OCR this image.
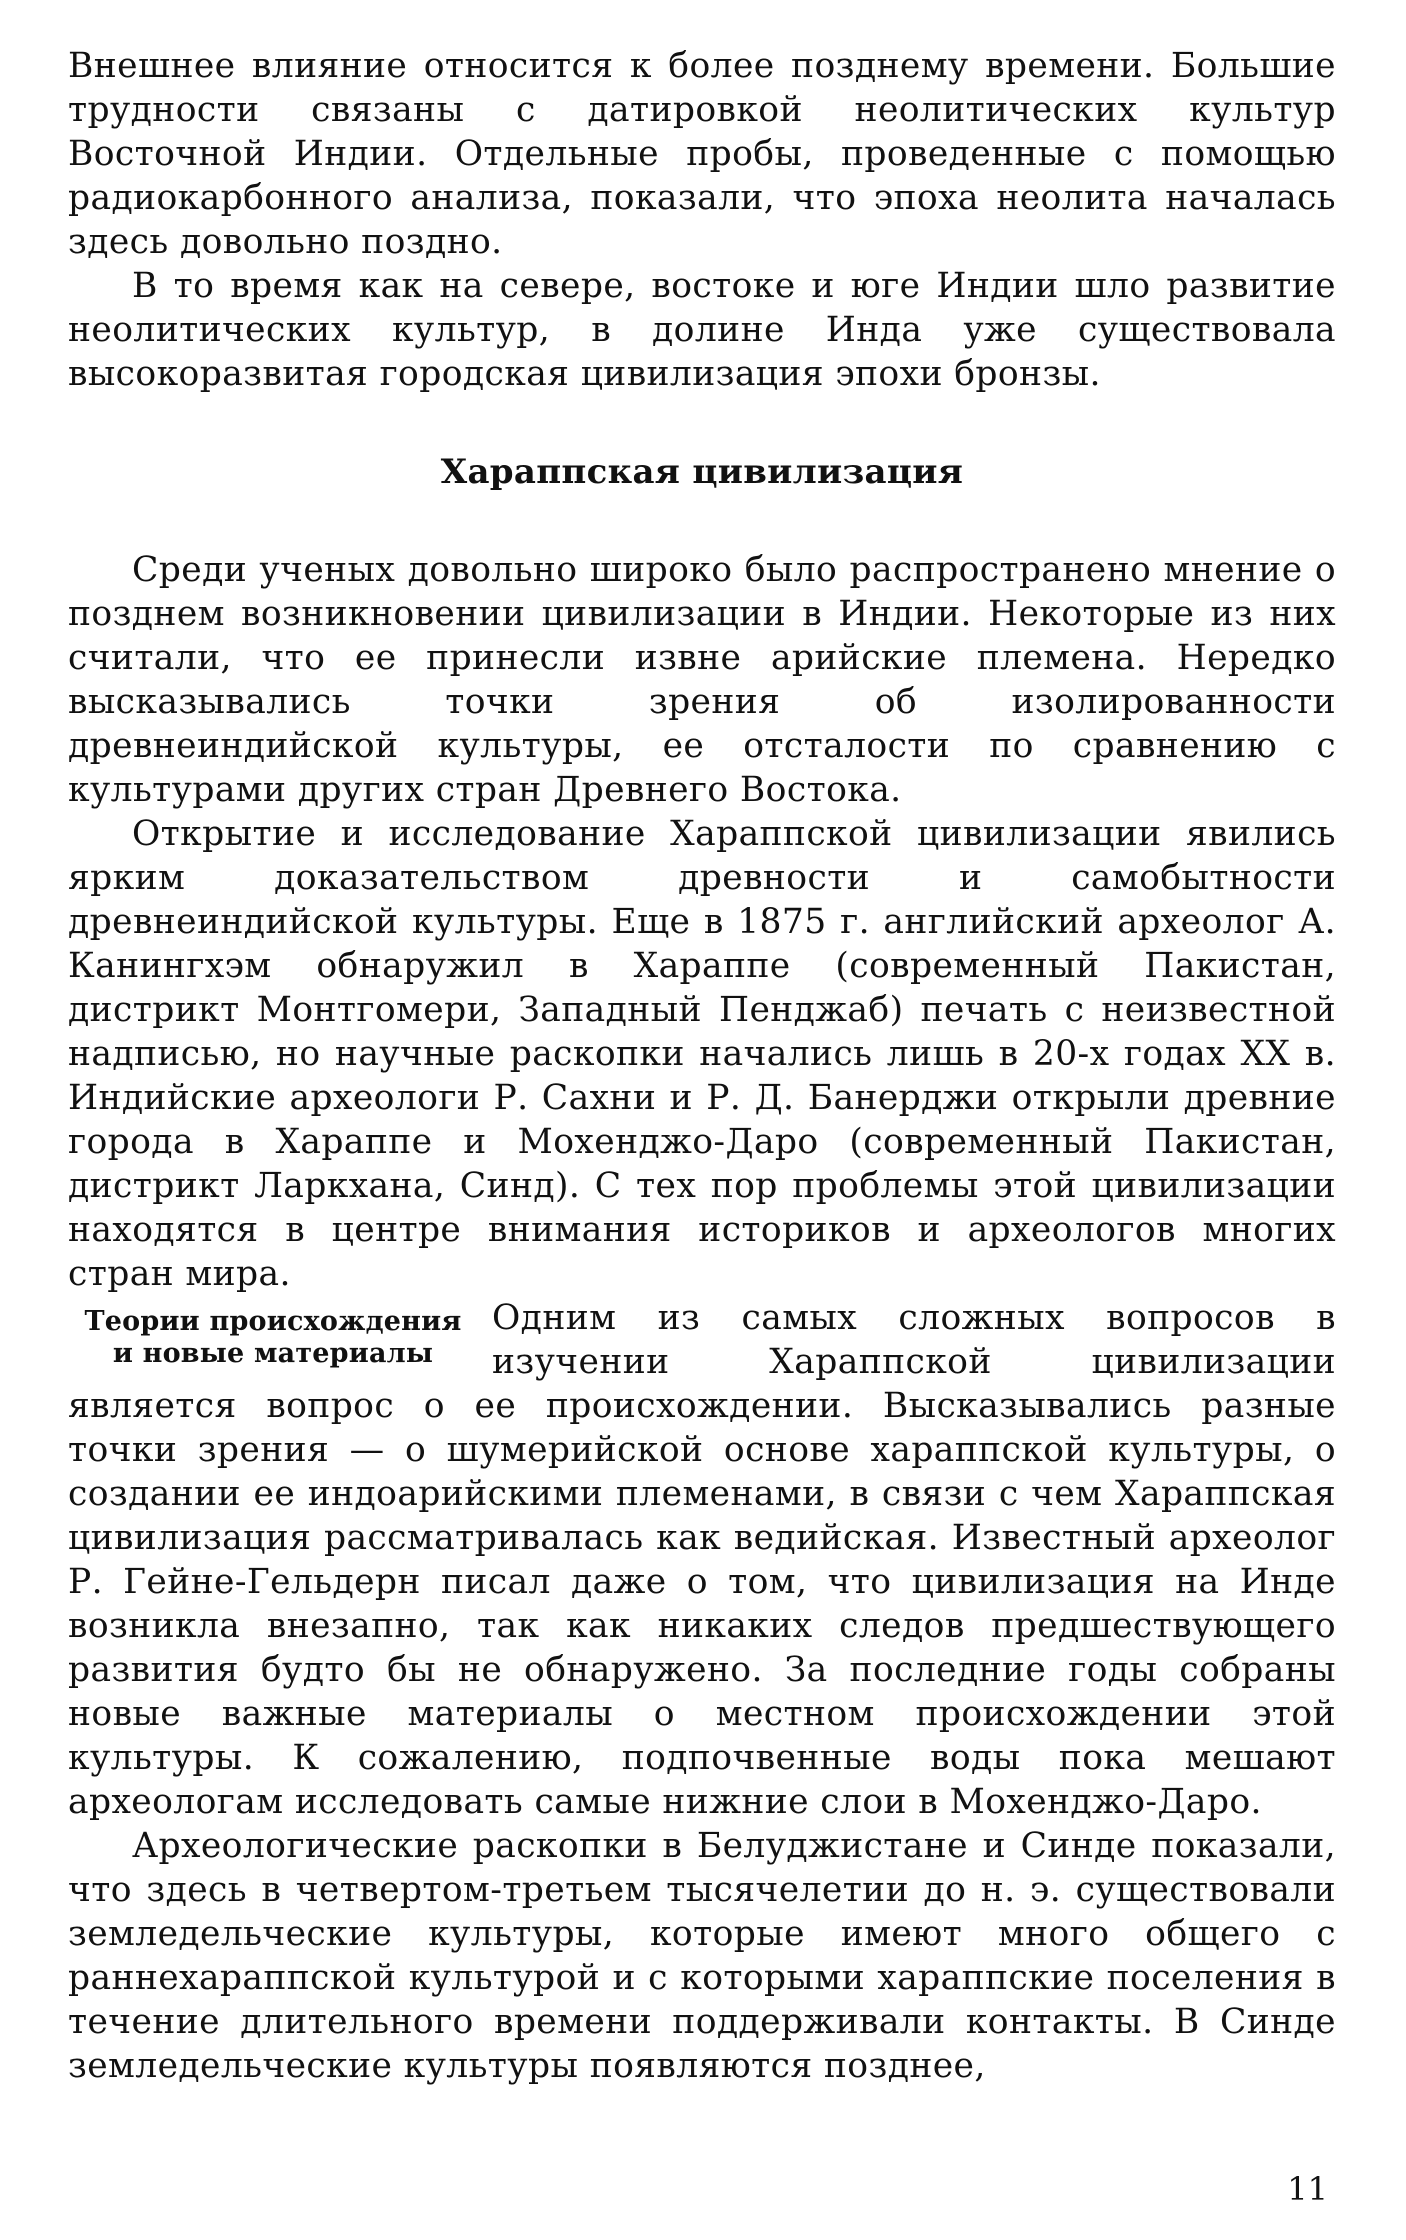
Внешнее влияние относится к более позднему времени. Большие трудности связаны с датировкой неолитических культур Восточной Индии. Отдельные пробы, проведенные с помощью радиокарбонного анализа, показали, что эпоха неолита началась здесь довольно поздно.

В то время как на севере, востоке и юге Индии шло развитие неолитических культур, в долине Инда уже существовала высокоразвитая городская цивилизация эпохи бронзы.

Хараппская цивилизация

Среди ученых довольно широко было распространено мнение о позднем возникновении цивилизации в Индии. Некоторые из них считали, что ее принесли извне арийские племена. Нередко высказывались точки зрения об изолированности древнеиндийской культуры, ее отсталости по сравнению с культурами других стран Древнего Востока.

Открытие и исследование Хараппской цивилизации явились ярким доказательством древности и самобытности древнеиндийской культуры. Еще в 1875 г. английский археолог А. Канингхэм обнаружил в Хараппе (современный Пакистан, дистрикт Монтгомери, Западный Пенджаб) печать с неизвестной надписью, но научные раскопки начались лишь в 20-х годах XX в. Индийские археологи Р. Сахни и Р. Д. Банерджи открыли древние города в Хараппе и Мохенджо-Даро (современный Пакистан, дистрикт Ларкхана, Синд). С тех пор проблемы этой цивилизации находятся в центре внимания историков и археологов многих стран мира.

Теории происхождения
и новые материалы

Одним из самых сложных вопросов в изучении Хараппской цивилизации является вопрос о ее происхождении. Высказывались разные точки зрения — о шумерийской основе хараппской культуры, о создании ее индоарийскими племенами, в связи с чем Хараппская цивилизация рассматривалась как ведийская. Известный археолог Р. Гейне-Гельдерн писал даже о том, что цивилизация на Инде возникла внезапно, так как никаких следов предшествующего развития будто бы не обнаружено. За последние годы собраны новые важные материалы о местном происхождении этой культуры. К сожалению, подпочвенные воды пока мешают археологам исследовать самые нижние слои в Мохенджо-Даро.

Археологические раскопки в Белуджистане и Синде показали, что здесь в четвертом-третьем тысячелетии до н. э. существовали земледельческие культуры, которые имеют много общего с раннехараппской культурой и с которыми хараппские поселения в течение длительного времени поддерживали контакты. В Синде земледельческие культуры появляются позднее,

11
